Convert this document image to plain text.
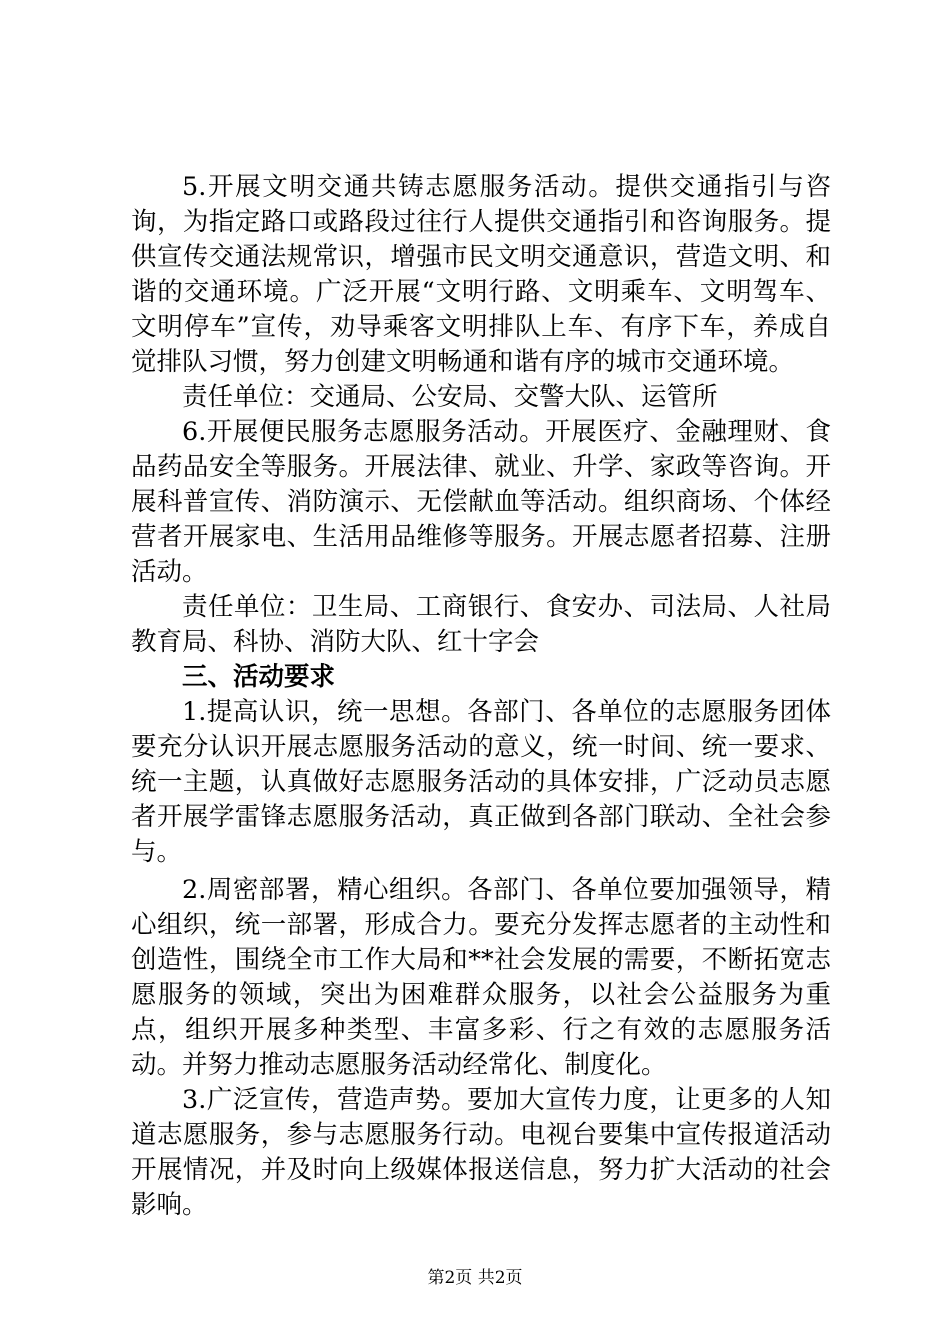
5.开展文明交通共铸志愿服务活动。提供交通指引与咨询，为指定路口或路段过往行人提供交通指引和咨询服务。提供宣传交通法规常识，增强市民文明交通意识，营造文明、和谐的交通环境。广泛开展“文明行路、文明乘车、文明驾车、文明停车”宣传，劝导乘客文明排队上车、有序下车，养成自觉排队习惯，努力创建文明畅通和谐有序的城市交通环境。

责任单位：交通局、公安局、交警大队、运管所

6.开展便民服务志愿服务活动。开展医疗、金融理财、食品药品安全等服务。开展法律、就业、升学、家政等咨询。开展科普宣传、消防演示、无偿献血等活动。组织商场、个体经营者开展家电、生活用品维修等服务。开展志愿者招募、注册活动。

责任单位：卫生局、工商银行、食安办、司法局、人社局教育局、科协、消防大队、红十字会

三、活动要求

1.提高认识，统一思想。各部门、各单位的志愿服务团体要充分认识开展志愿服务活动的意义，统一时间、统一要求、统一主题，认真做好志愿服务活动的具体安排，广泛动员志愿者开展学雷锋志愿服务活动，真正做到各部门联动、全社会参与。

2.周密部署，精心组织。各部门、各单位要加强领导，精心组织，统一部署，形成合力。要充分发挥志愿者的主动性和创造性，围绕全市工作大局和**社会发展的需要，不断拓宽志愿服务的领域，突出为困难群众服务，以社会公益服务为重点，组织开展多种类型、丰富多彩、行之有效的志愿服务活动。并努力推动志愿服务活动经常化、制度化。

3.广泛宣传，营造声势。要加大宣传力度，让更多的人知道志愿服务，参与志愿服务行动。电视台要集中宣传报道活动开展情况，并及时向上级媒体报送信息，努力扩大活动的社会影响。

第2页 共2页
